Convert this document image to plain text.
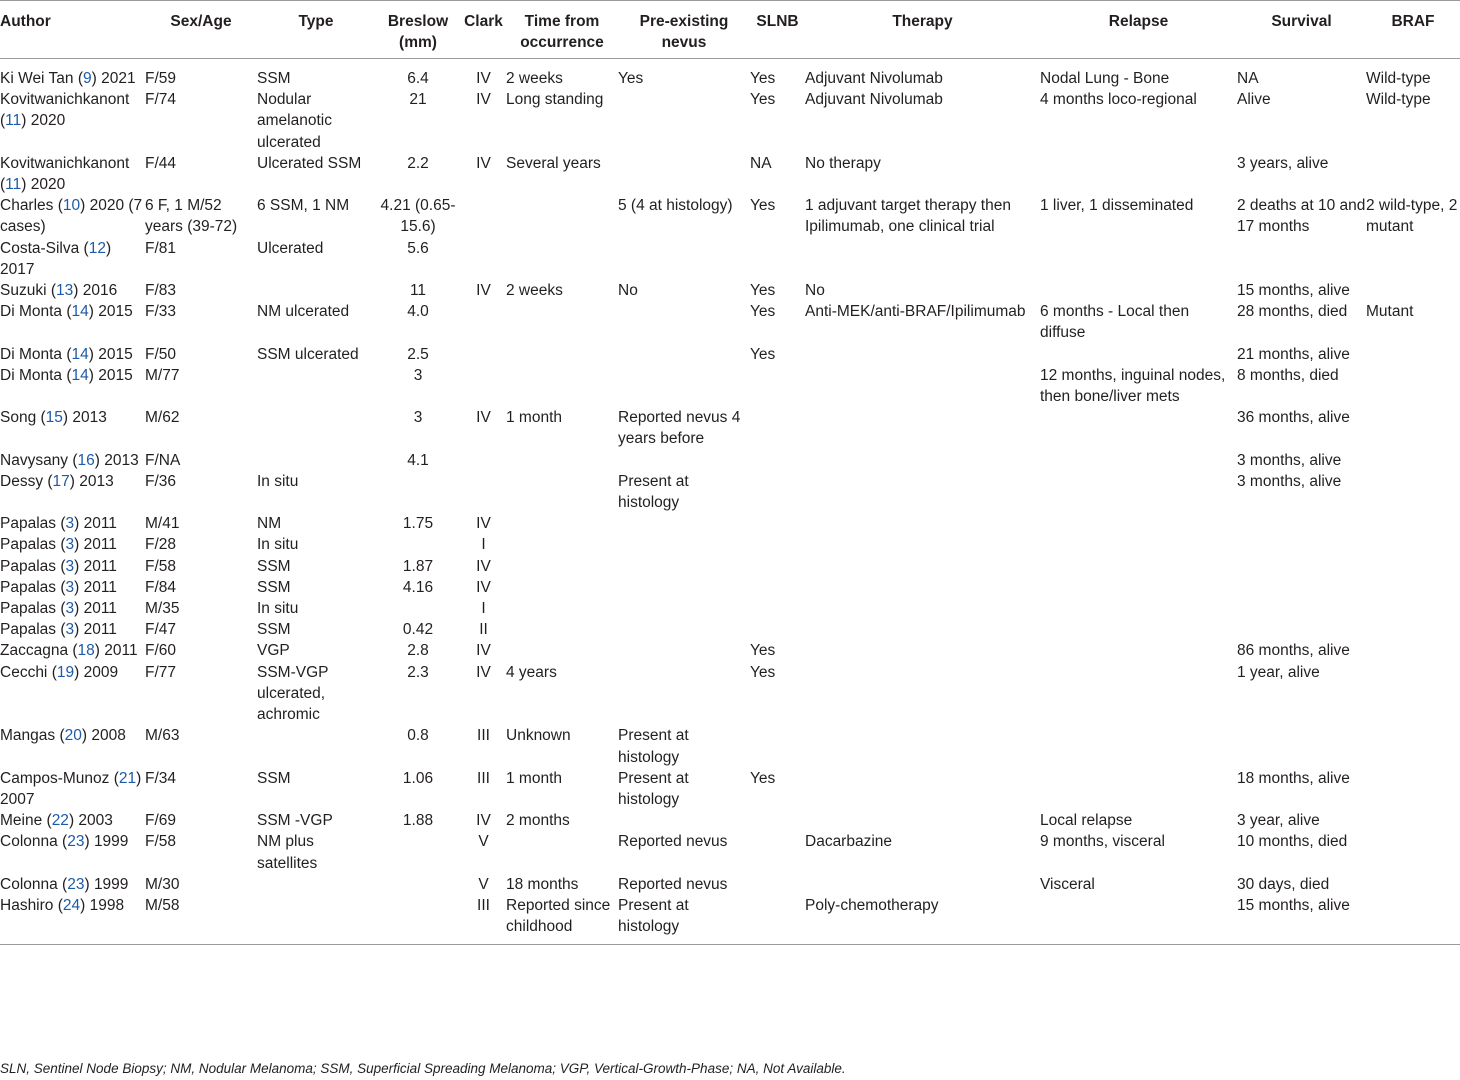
Author	Sex/Age	Type	Breslow (mm)	Clark	Time from occurrence	Pre-existing nevus	SLNB	Therapy	Relapse	Survival	BRAF
Ki Wei Tan (9) 2021	F/59	SSM	6.4	IV	2 weeks	Yes	Yes	Adjuvant Nivolumab	Nodal Lung - Bone	NA	Wild-type
Kovitwanichkanont (11) 2020	F/74	Nodular amelanotic ulcerated	21	IV	Long standing		Yes	Adjuvant Nivolumab	4 months loco-regional	Alive	Wild-type
Kovitwanichkanont (11) 2020	F/44	Ulcerated SSM	2.2	IV	Several years		NA	No therapy		3 years, alive	
Charles (10) 2020 (7 cases)	6 F, 1 M/52 years (39-72)	6 SSM, 1 NM	4.21 (0.65-15.6)			5 (4 at histology)	Yes	1 adjuvant target therapy then Ipilimumab, one clinical trial	1 liver, 1 disseminated	2 deaths at 10 and 17 months	2 wild-type, 2 mutant
Costa-Silva (12) 2017	F/81	Ulcerated	5.6								
Suzuki (13) 2016	F/83		11	IV	2 weeks	No	Yes	No		15 months, alive	
Di Monta (14) 2015	F/33	NM ulcerated	4.0				Yes	Anti-MEK/anti-BRAF/Ipilimumab	6 months - Local then diffuse	28 months, died	Mutant
Di Monta (14) 2015	F/50	SSM ulcerated	2.5				Yes			21 months, alive	
Di Monta (14) 2015	M/77		3						12 months, inguinal nodes, then bone/liver mets	8 months, died	
Song (15) 2013	M/62		3	IV	1 month	Reported nevus 4 years before				36 months, alive	
Navysany (16) 2013	F/NA		4.1							3 months, alive	
Dessy (17) 2013	F/36	In situ				Present at histology				3 months, alive	
Papalas (3) 2011	M/41	NM	1.75	IV							
Papalas (3) 2011	F/28	In situ		I							
Papalas (3) 2011	F/58	SSM	1.87	IV							
Papalas (3) 2011	F/84	SSM	4.16	IV							
Papalas (3) 2011	M/35	In situ		I							
Papalas (3) 2011	F/47	SSM	0.42	II							
Zaccagna (18) 2011	F/60	VGP	2.8	IV			Yes			86 months, alive	
Cecchi (19) 2009	F/77	SSM-VGP ulcerated, achromic	2.3	IV	4 years		Yes			1 year, alive	
Mangas (20) 2008	M/63		0.8	III	Unknown	Present at histology					
Campos-Munoz (21) 2007	F/34	SSM	1.06	III	1 month	Present at histology	Yes			18 months, alive	
Meine (22) 2003	F/69	SSM -VGP	1.88	IV	2 months				Local relapse	3 year, alive	
Colonna (23) 1999	F/58	NM plus satellites		V		Reported nevus		Dacarbazine	9 months, visceral	10 months, died	
Colonna (23) 1999	M/30			V	18 months	Reported nevus			Visceral	30 days, died	
Hashiro (24) 1998	M/58			III	Reported since childhood	Present at histology		Poly-chemotherapy		15 months, alive	
SLN, Sentinel Node Biopsy; NM, Nodular Melanoma; SSM, Superficial Spreading Melanoma; VGP, Vertical-Growth-Phase; NA, Not Available.
